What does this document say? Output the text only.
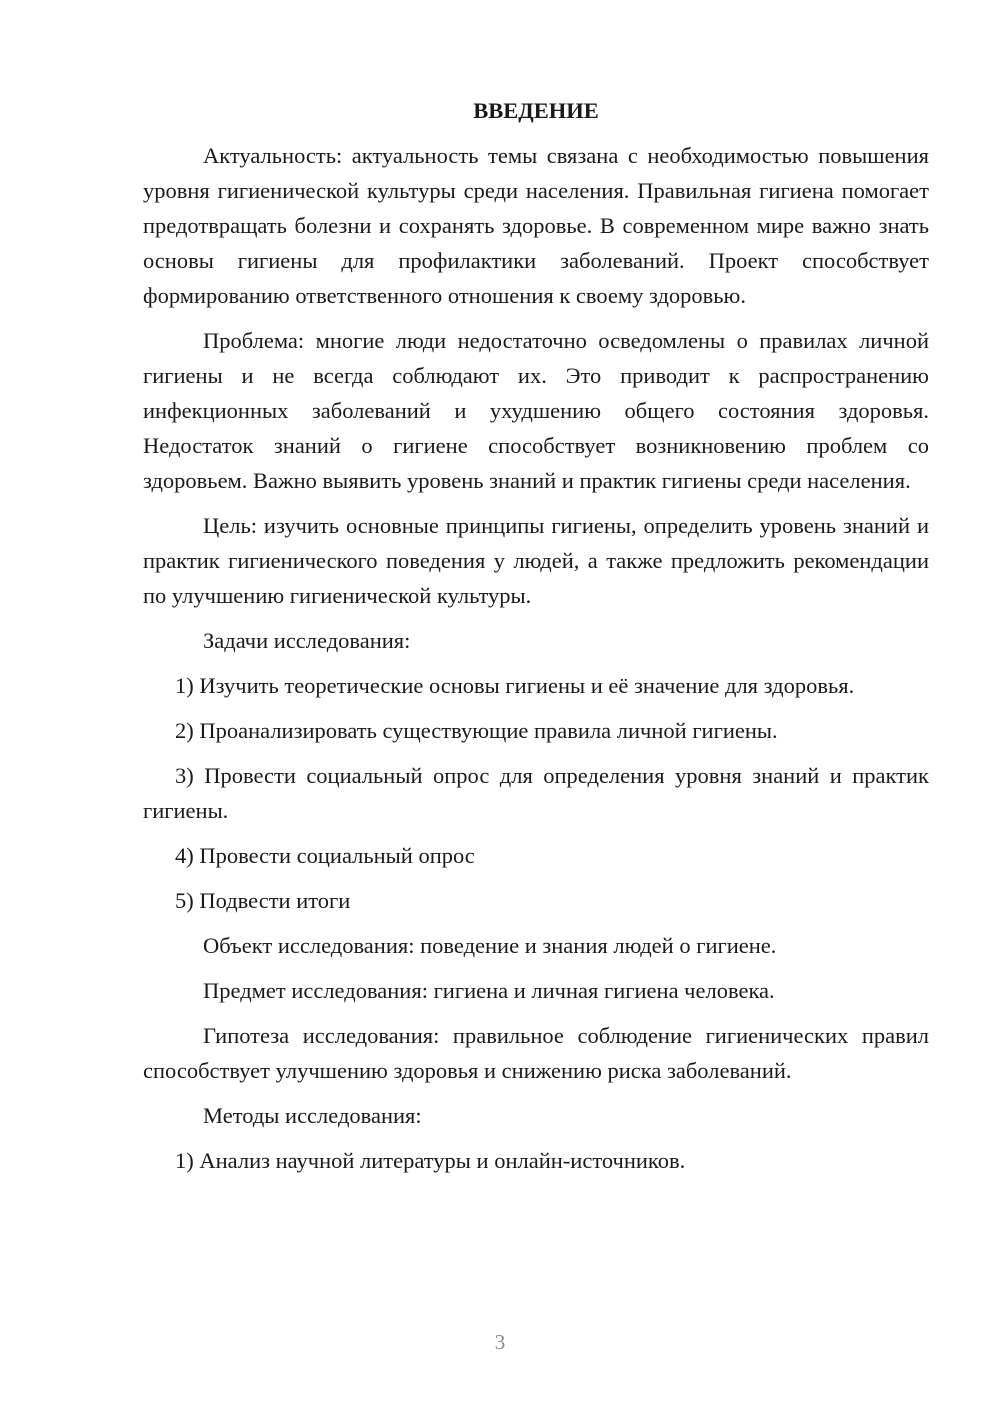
ВВЕДЕНИЕ

Актуальность: актуальность темы связана с необходимостью повышения уровня гигиенической культуры среди населения. Правильная гигиена помогает предотвращать болезни и сохранять здоровье. В современном мире важно знать основы гигиены для профилактики заболеваний. Проект способствует формированию ответственного отношения к своему здоровью.

Проблема: многие люди недостаточно осведомлены о правилах личной гигиены и не всегда соблюдают их. Это приводит к распространению инфекционных заболеваний и ухудшению общего состояния здоровья. Недостаток знаний о гигиене способствует возникновению проблем со здоровьем. Важно выявить уровень знаний и практик гигиены среди населения.

Цель: изучить основные принципы гигиены, определить уровень знаний и практик гигиенического поведения у людей, а также предложить рекомендации по улучшению гигиенической культуры.

Задачи исследования:

1) Изучить теоретические основы гигиены и её значение для здоровья.

2) Проанализировать существующие правила личной гигиены.

3) Провести социальный опрос для определения уровня знаний и практик гигиены.

4) Провести социальный опрос

5) Подвести итоги

Объект исследования: поведение и знания людей о гигиене.

Предмет исследования: гигиена и личная гигиена человека.

Гипотеза исследования: правильное соблюдение гигиенических правил способствует улучшению здоровья и снижению риска заболеваний.

Методы исследования:

1) Анализ научной литературы и онлайн-источников.

3
